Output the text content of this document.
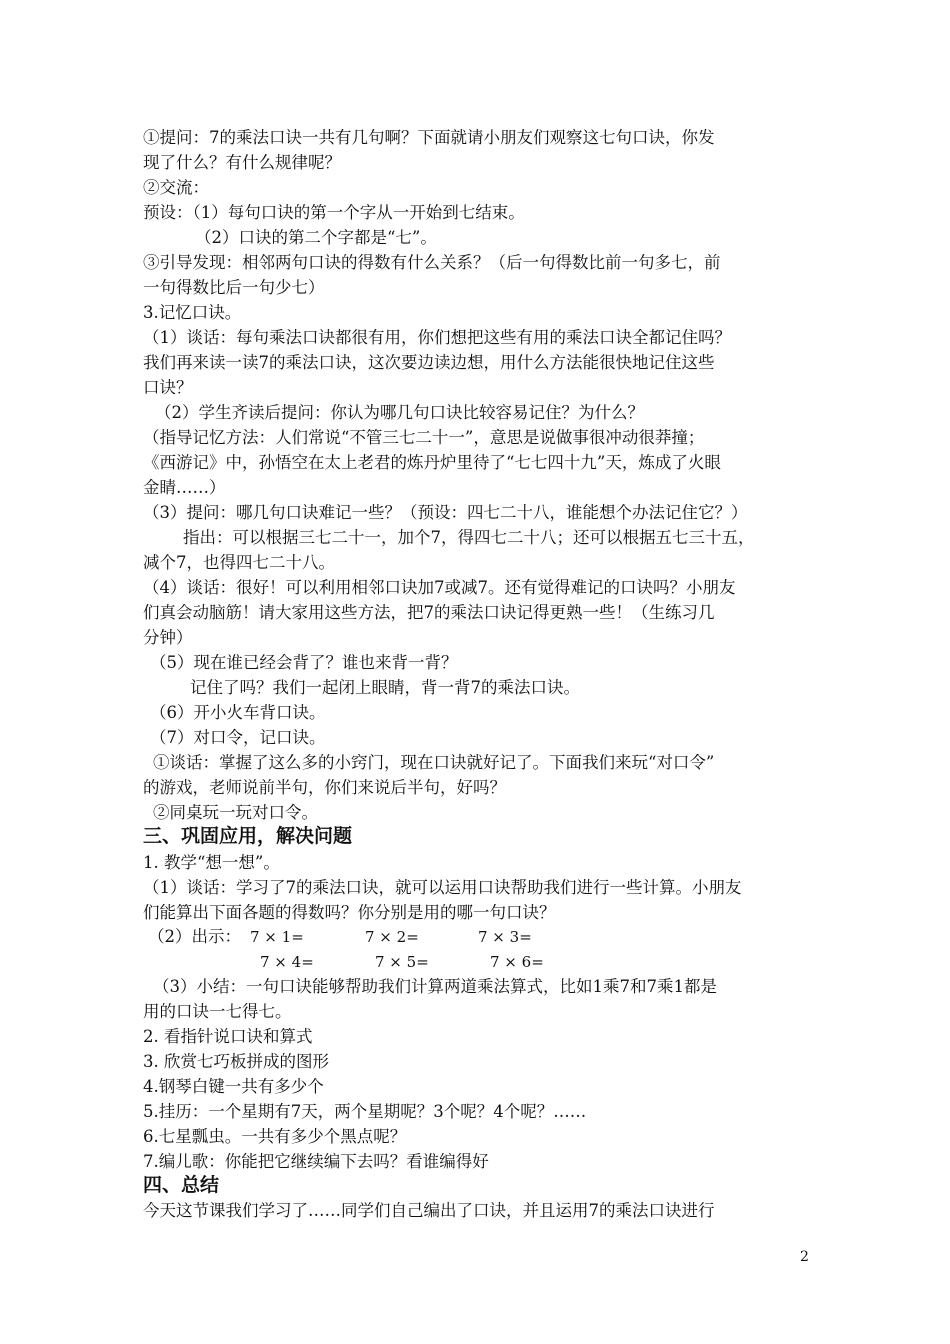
①提问：7的乘法口诀一共有几句啊？下面就请小朋友们观察这七句口诀，你发
现了什么？有什么规律呢？
②交流：
预设：（1）每句口诀的第一个字从一开始到七结束。
（2）口诀的第二个字都是“七”。
③引导发现：相邻两句口诀的得数有什么关系？（后一句得数比前一句多七，前
一句得数比后一句少七）
3.记忆口诀。
（1）谈话：每句乘法口诀都很有用，你们想把这些有用的乘法口诀全都记住吗？
我们再来读一读7的乘法口诀，这次要边读边想，用什么方法能很快地记住这些
口诀？
（2）学生齐读后提问：你认为哪几句口诀比较容易记住？为什么？
（指导记忆方法：人们常说“不管三七二十一”，意思是说做事很冲动很莽撞；
《西游记》中，孙悟空在太上老君的炼丹炉里待了“七七四十九”天，炼成了火眼
金睛……）
（3）提问：哪几句口诀难记一些？（预设：四七二十八，谁能想个办法记住它？）
指出：可以根据三七二十一，加个7，得四七二十八；还可以根据五七三十五，
减个7，也得四七二十八。
（4）谈话：很好！可以利用相邻口诀加7或减7。还有觉得难记的口诀吗？小朋友
们真会动脑筋！请大家用这些方法，把7的乘法口诀记得更熟一些！（生练习几
分钟）
（5）现在谁已经会背了？谁也来背一背？
记住了吗？我们一起闭上眼睛，背一背7的乘法口诀。
（6）开小火车背口诀。
（7）对口令，记口诀。
①谈话：掌握了这么多的小窍门，现在口诀就好记了。下面我们来玩“对口令”
的游戏，老师说前半句，你们来说后半句，好吗？
②同桌玩一玩对口令。
三、巩固应用，解决问题
1. 教学“想一想”。
（1）谈话：学习了7的乘法口诀，就可以运用口诀帮助我们进行一些计算。小朋友
们能算出下面各题的得数吗？你分别是用的哪一句口诀？
（2）出示： 7 × 1=	7 × 2=	7 × 3=
7 × 4=	7 × 5=	7 × 6=
（3）小结：一句口诀能够帮助我们计算两道乘法算式，比如1乘7和7乘1都是
用的口诀一七得七。
2. 看指针说口诀和算式
3. 欣赏七巧板拼成的图形
4.钢琴白键一共有多少个
5.挂历：一个星期有7天，两个星期呢？3个呢？4个呢？……
6.七星瓢虫。一共有多少个黑点呢？
7.编儿歌：你能把它继续编下去吗？看谁编得好
四、总结
今天这节课我们学习了……同学们自己编出了口诀，并且运用7的乘法口诀进行
2
